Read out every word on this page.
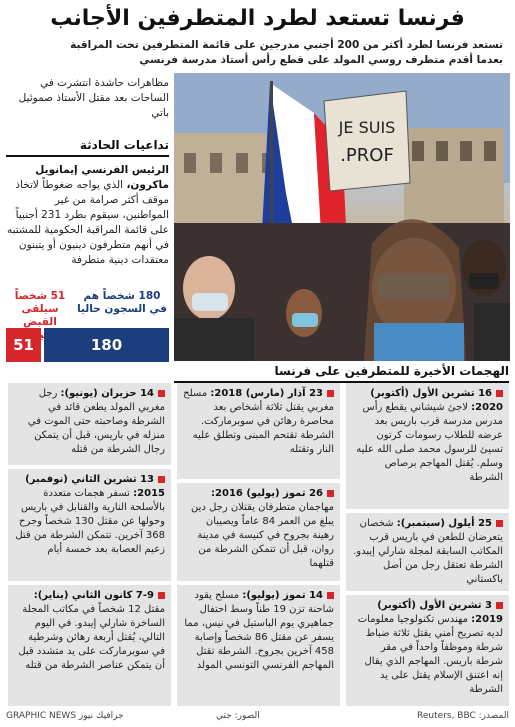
فرنسا تستعد لطرد المتطرفين الأجانب
تستعد فرنسا لطرد أكثر من 200 أجنبي مدرجين على قائمة المتطرفين تحت المراقبة
بعدما أقدم متطرف روسي المولد على قطع رأس أستاذ مدرسة فرنسي
مظاهرات حاشدة انتشرت في الساحات بعد مقتل الأستاذ صموئيل باتي
JE SUIS
PROF.
تداعيات الحادثة
الرئيس الفرنسي إيمانويل ماكرون، الذي يواجه ضغوطاً لاتخاذ موقف أكثر صرامة من غير المواطنين، سيقوم بطرد 231 أجنبياً على قائمة المراقبة الحكومية للمشتبه في أنهم متطرفون دينيون أو يتبنون معتقدات دينية متطرفة
51 شخصاً سيلقى القبض
180 شخصاً هم في السجون حاليا
51	180
الهجمات الأخيرة للمتطرفين على فرنسا
16 تشرين الأول (أكتوبر) 2020: لاجئ شيشاني يقطع رأس مدرس مدرسة قرب باريس بعد عرضه للطلاب رسومات كرتون تسيئ للرسول محمد صلى الله عليه وسلم. يُقتل المهاجم برصاص الشرطة
25 أيلول (سبتمبر): شخصان يتعرضان للطعن في باريس قرب المكاتب السابقة لمجلة شارلي إيبدو. الشرطة تعتقل رجل من أصل باكستاني
3 تشرين الأول (أكتوبر) 2019: مهندس تكنولوجيا معلومات لديه تصريح أمني يقتل ثلاثة ضباط شرطة وموظفاً واحداً في مقر شرطة باريس. المهاجم الذي يقال إنه اعتنق الإسلام يقتل على يد الشرطة
23 آذار (مارس) 2018: مسلح مغربي يقتل ثلاثة أشخاص بعد محاصرة رهائن في سوبرماركت. الشرطة تقتحم المبنى وتطلق عليه النار وتقتله
26 تموز (يوليو) 2016: مهاجمان متطرفان يقتلان رجل دين يبلغ من العمر 84 عاماً ويصيبان رهينة بجروح في كنيسة في مدينة روان، قبل أن تتمكن الشرطة من قتلهما
14 تموز (يوليو): مسلح يقود شاحنة تزن 19 طناً وسط احتفال جماهيري يوم الباستيل في نيس، مما يسفر عن مقتل 86 شخصاً وإصابة 458 آخرين بجروح. الشرطة تقتل المهاجم الفرنسي التونسي المولد
14 حزيران (يونيو): رجل مغربي المولد يطعن قائد في الشرطة وصاحبته حتى الموت في منزله في باريس، قبل أن يتمكن رجال الشرطة من قتله
13 تشرين الثاني (نوفمبر) 2015: تسفر هجمات متعددة بالأسلحة النارية والقنابل في باريس وحولها عن مقتل 130 شخصاً وجرح 368 آخرين. تتمكن الشرطة من قتل زعيم العصابة بعد خمسة أيام
7-9 كانون الثاني (يناير): مقتل 12 شخصاً في مكاتب المجلة الساخرة شارلي إيبدو. في اليوم التالي، يُقتل أربعة رهائن وشرطية في سوبرماركت على يد متشدد قبل أن يتمكن عناصر الشرطة من قتله
المصدر: Reuters, BBC
الصور: جتي
GRAPHIC NEWS جرافيك نيوز
